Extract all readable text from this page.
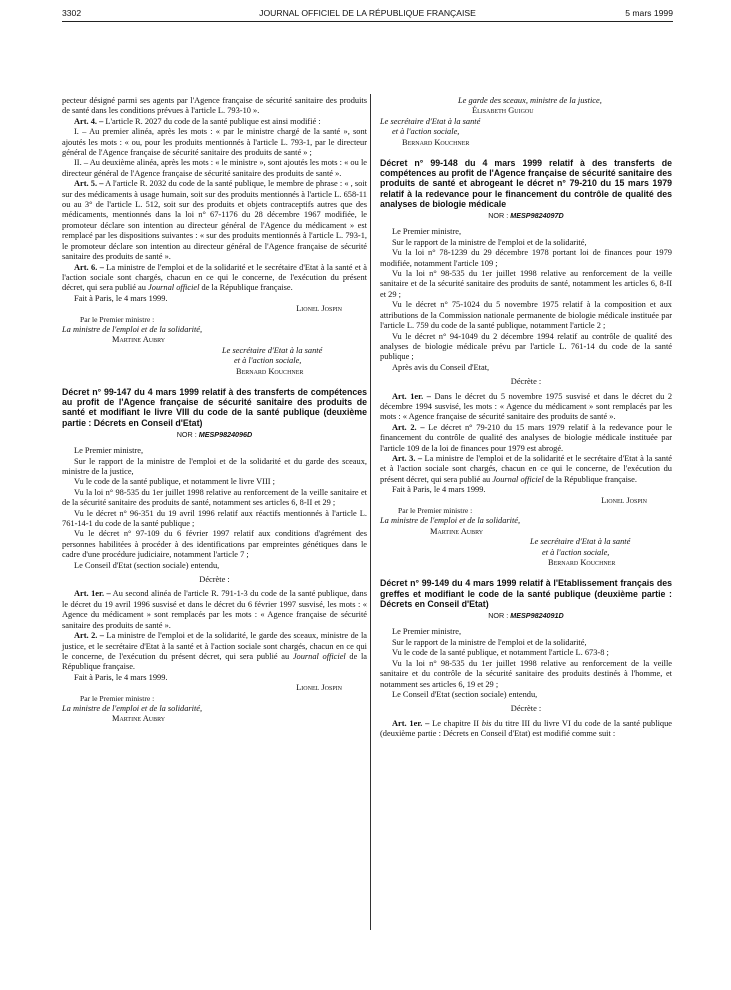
3302	JOURNAL OFFICIEL DE LA RÉPUBLIQUE FRANÇAISE	5 mars 1999

pecteur désigné parmi ses agents par l'Agence française de sécurité sanitaire des produits de santé dans les conditions prévues à l'article L. 793-10 ».

Art. 4. – L'article R. 2027 du code de la santé publique est ainsi modifié :

I. – Au premier alinéa, après les mots : « par le ministre chargé de la santé », sont ajoutés les mots : « ou, pour les produits mentionnés à l'article L. 793-1, par le directeur général de l'Agence française de sécurité sanitaire des produits de santé » ;

II. – Au deuxième alinéa, après les mots : « le ministre », sont ajoutés les mots : « ou le directeur général de l'Agence française de sécurité sanitaire des produits de santé ».

Art. 5. – A l'article R. 2032 du code de la santé publique, le membre de phrase : « , soit sur des médicaments à usage humain, soit sur des produits mentionnés à l'article L. 658-11 ou au 3° de l'article L. 512, soit sur des produits et objets contraceptifs autres que des médicaments, mentionnés dans la loi n° 67-1176 du 28 décembre 1967 modifiée, le promoteur déclare son intention au directeur général de l'Agence du médicament » est remplacé par les dispositions suivantes : « sur des produits mentionnés à l'article L. 793-1, le promoteur déclare son intention au directeur général de l'Agence française de sécurité sanitaire des produits de santé ».

Art. 6. – La ministre de l'emploi et de la solidarité et le secrétaire d'Etat à la santé et à l'action sociale sont chargés, chacun en ce qui le concerne, de l'exécution du présent décret, qui sera publié au Journal officiel de la République française.

Fait à Paris, le 4 mars 1999.

Lionel Jospin

Par le Premier ministre :

La ministre de l'emploi et de la solidarité,

Martine Aubry

Le secrétaire d'Etat à la santé

et à l'action sociale,

Bernard Kouchner

Décret n° 99-147 du 4 mars 1999 relatif à des transferts de compétences au profit de l'Agence française de sécurité sanitaire des produits de santé et modifiant le livre VIII du code de la santé publique (deuxième partie : Décrets en Conseil d'Etat)
NOR : MESP9824096D

Le Premier ministre,

Sur le rapport de la ministre de l'emploi et de la solidarité et du garde des sceaux, ministre de la justice,

Vu le code de la santé publique, et notamment le livre VIII ;

Vu la loi n° 98-535 du 1er juillet 1998 relative au renforcement de la veille sanitaire et de la sécurité sanitaire des produits de santé, notamment ses articles 6, 8-II et 29 ;

Vu le décret n° 96-351 du 19 avril 1996 relatif aux réactifs mentionnés à l'article L. 761-14-1 du code de la santé publique ;

Vu le décret n° 97-109 du 6 février 1997 relatif aux conditions d'agrément des personnes habilitées à procéder à des identifications par empreintes génétiques dans le cadre d'une procédure judiciaire, notamment l'article 7 ;

Le Conseil d'Etat (section sociale) entendu,

Décrète :

Art. 1er. – Au second alinéa de l'article R. 791-1-3 du code de la santé publique, dans le décret du 19 avril 1996 susvisé et dans le décret du 6 février 1997 susvisé, les mots : « Agence du médicament » sont remplacés par les mots : « Agence française de sécurité sanitaire des produits de santé ».

Art. 2. – La ministre de l'emploi et de la solidarité, le garde des sceaux, ministre de la justice, et le secrétaire d'Etat à la santé et à l'action sociale sont chargés, chacun en ce qui le concerne, de l'exécution du présent décret, qui sera publié au Journal officiel de la République française.

Fait à Paris, le 4 mars 1999.

Lionel Jospin

Par le Premier ministre :

La ministre de l'emploi et de la solidarité,

Martine Aubry

Le garde des sceaux, ministre de la justice,

Élisabeth Guigou

Le secrétaire d'Etat à la santé

et à l'action sociale,

Bernard Kouchner

Décret n° 99-148 du 4 mars 1999 relatif à des transferts de compétences au profit de l'Agence française de sécurité sanitaire des produits de santé et abrogeant le décret n° 79-210 du 15 mars 1979 relatif à la redevance pour le financement du contrôle de qualité des analyses de biologie médicale
NOR : MESP9824097D

Le Premier ministre,

Sur le rapport de la ministre de l'emploi et de la solidarité,

Vu la loi n° 78-1239 du 29 décembre 1978 portant loi de finances pour 1979 modifiée, notamment l'article 109 ;

Vu la loi n° 98-535 du 1er juillet 1998 relative au renforcement de la veille sanitaire et de la sécurité sanitaire des produits de santé, notamment les articles 6, 8-II et 29 ;

Vu le décret n° 75-1024 du 5 novembre 1975 relatif à la composition et aux attributions de la Commission nationale permanente de biologie médicale instituée par l'article L. 759 du code de la santé publique, notamment l'article 2 ;

Vu le décret n° 94-1049 du 2 décembre 1994 relatif au contrôle de qualité des analyses de biologie médicale prévu par l'article L. 761-14 du code de la santé publique ;

Après avis du Conseil d'Etat,

Décrète :

Art. 1er. – Dans le décret du 5 novembre 1975 susvisé et dans le décret du 2 décembre 1994 susvisé, les mots : « Agence du médicament » sont remplacés par les mots : « Agence française de sécurité sanitaire des produits de santé ».

Art. 2. – Le décret n° 79-210 du 15 mars 1979 relatif à la redevance pour le financement du contrôle de qualité des analyses de biologie médicale instituée par l'article 109 de la loi de finances pour 1979 est abrogé.

Art. 3. – La ministre de l'emploi et de la solidarité et le secrétaire d'Etat à la santé et à l'action sociale sont chargés, chacun en ce qui le concerne, de l'exécution du présent décret, qui sera publié au Journal officiel de la République française.

Fait à Paris, le 4 mars 1999.

Lionel Jospin

Par le Premier ministre :

La ministre de l'emploi et de la solidarité,

Martine Aubry

Le secrétaire d'Etat à la santé

et à l'action sociale,

Bernard Kouchner

Décret n° 99-149 du 4 mars 1999 relatif à l'Etablissement français des greffes et modifiant le code de la santé publique (deuxième partie : Décrets en Conseil d'Etat)
NOR : MESP9824091D

Le Premier ministre,

Sur le rapport de la ministre de l'emploi et de la solidarité,

Vu le code de la santé publique, et notamment l'article L. 673-8 ;

Vu la loi n° 98-535 du 1er juillet 1998 relative au renforcement de la veille sanitaire et du contrôle de la sécurité sanitaire des produits destinés à l'homme, et notamment ses articles 6, 19 et 29 ;

Le Conseil d'Etat (section sociale) entendu,

Décrète :

Art. 1er. – Le chapitre II bis du titre III du livre VI du code de la santé publique (deuxième partie : Décrets en Conseil d'Etat) est modifié comme suit :
